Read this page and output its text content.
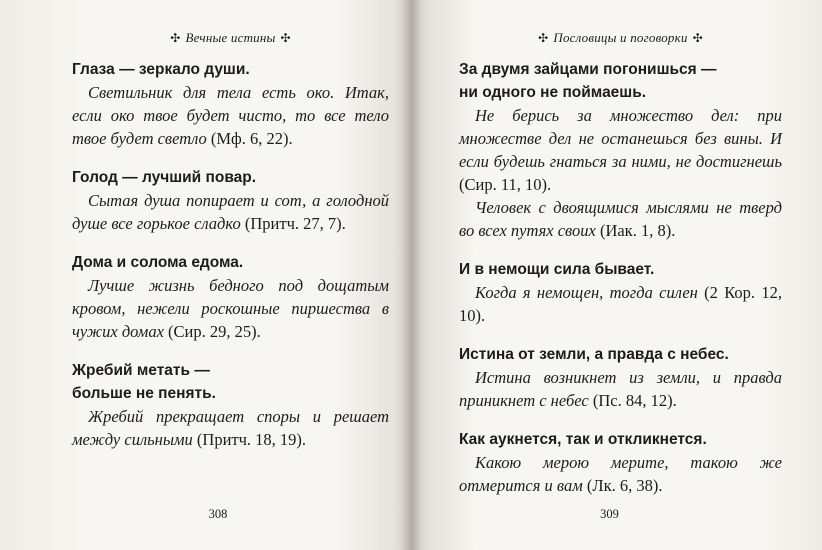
✣ Вечные истины ✣
Глаза — зеркало души.

Светильник для тела есть око. Итак, если око твое будет чисто, то все тело твое будет светло (Мф. 6, 22).

Голод — лучший повар.

Сытая душа попирает и сот, а голодной душе все горькое сладко (Притч. 27, 7).

Дома и солома едома.

Лучше жизнь бедного под дощатым кровом, нежели роскошные пиршества в чужих домах (Сир. 29, 25).

Жребий метать —
больше не пенять.

Жребий прекращает споры и решает между сильными (Притч. 18, 19).

308
✣ Пословицы и поговорки ✣
За двумя зайцами погонишься —
ни одного не поймаешь.

Не берись за множество дел: при множестве дел не останешься без вины. И если будешь гнаться за ними, не достигнешь (Сир. 11, 10).

Человек с двоящимися мыслями не тверд во всех путях своих (Иак. 1, 8).

И в немощи сила бывает.

Когда я немощен, тогда силен (2 Кор. 12, 10).

Истина от земли, а правда с небес.

Истина возникнет из земли, и правда приникнет с небес (Пс. 84, 12).

Как аукнется, так и откликнется.

Какою мерою мерите, такою же отмерится и вам (Лк. 6, 38).

309
